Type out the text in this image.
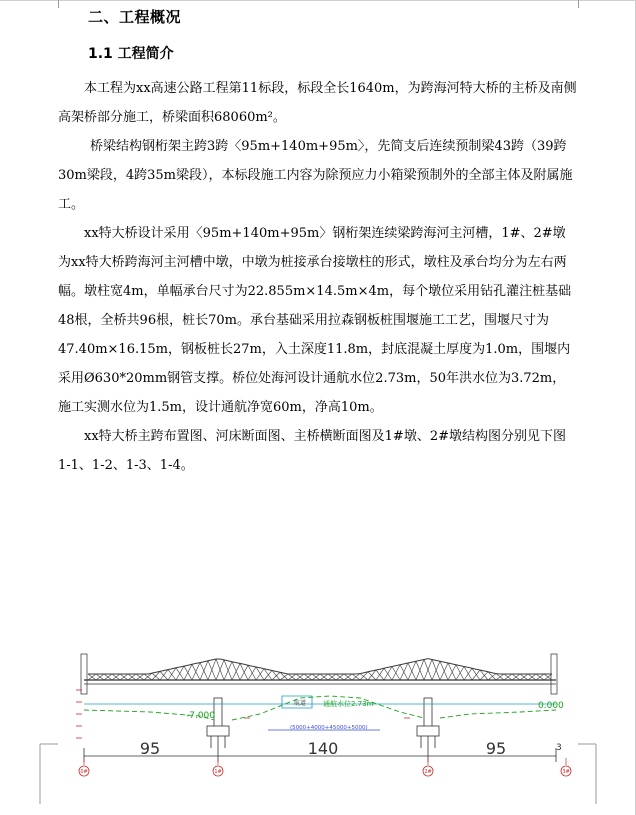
二、工程概况
1.1 工程简介

本工程为xx高速公路工程第11标段，标段全长1640m，为跨海河特大桥的主桥及南侧高架桥部分施工，桥梁面积68060m²。

桥梁结构钢桁架主跨3跨〈95m+140m+95m〉，先简支后连续预制梁43跨（39跨30m梁段，4跨35m梁段），本标段施工内容为除预应力小箱梁预制外的全部主体及附属施工。

xx特大桥设计采用〈95m+140m+95m〉钢桁架连续梁跨海河主河槽，1#、2#墩为xx特大桥跨海河主河槽中墩，中墩为桩接承台接墩柱的形式，墩柱及承台均分为左右两幅。墩柱宽4m，单幅承台尺寸为22.855m×14.5m×4m，每个墩位采用钻孔灌注桩基础48根，全桥共96根，桩长70m。承台基础采用拉森钢板桩围堰施工工艺，围堰尺寸为47.40m×16.15m，钢板桩长27m，入土深度11.8m，封底混凝土厚度为1.0m，围堰内采用Ø630*20mm钢管支撑。桥位处海河设计通航水位2.73m，50年洪水位为3.72m，施工实测水位为1.5m，设计通航净宽60m，净高10m。

xx特大桥主跨布置图、河床断面图、主桥横断面图及1#墩、2#墩结构图分别见下图1-1、1-2、1-3、1-4。

-7.000
0.000
航道 通航水位2.73m
(5000+4000+45000+5000)
95	140	95	3
0#	1#	2#	3#
